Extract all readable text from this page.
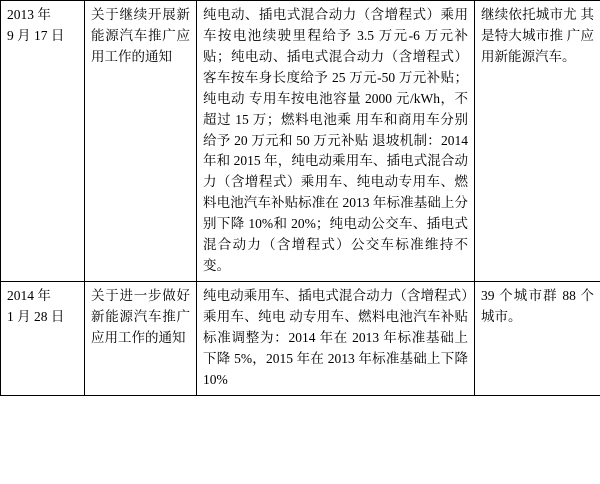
2013 年
9 月 17 日	关于继续开展新能源汽车推广应用工作的通知	纯电动、插电式混合动力（含增程式）乘用车按电池续驶里程给予 3.5 万元-6 万元补贴；纯电动、插电式混合动力（含增程式）客车按车身长度给予 25 万元-50 万元补贴；纯电动 专用车按电池容量 2000 元/kWh，不超过 15 万；燃料电池乘 用车和商用车分别给予 20 万元和 50 万元补贴 退坡机制：2014 年和 2015 年，纯电动乘用车、插电式混合动 力（含增程式）乘用车、纯电动专用车、燃料电池汽车补贴标准在 2013 年标准基础上分别下降 10%和 20%；纯电动公交车、插电式混合动力（含增程式）公交车标准维持不变。	继续依托城市尤 其是特大城市推 广应用新能源汽车。

2014 年
1 月 28 日	关于进一步做好新能源汽车推广应用工作的通知	纯电动乘用车、插电式混合动力（含增程式）乘用车、纯电 动专用车、燃料电池汽车补贴标准调整为：2014 年在 2013 年标准基础上下降 5%，2015 年在 2013 年标准基础上下降 10%	39 个城市群 88 个 城市。
